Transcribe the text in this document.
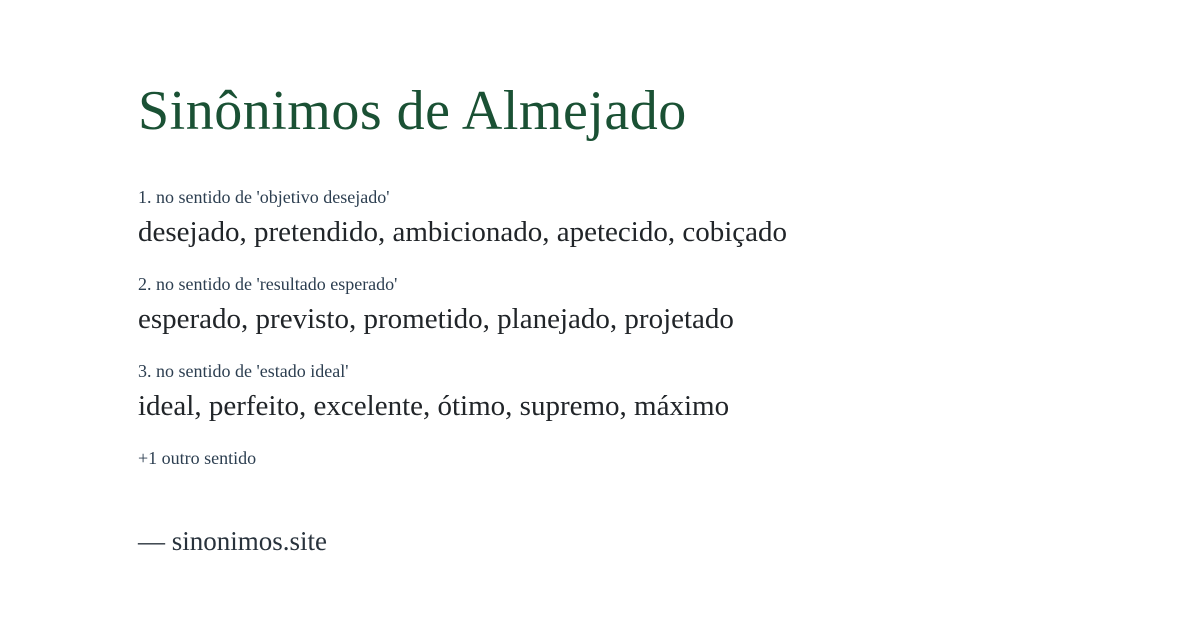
Sinônimos de Almejado
1. no sentido de 'objetivo desejado'
desejado, pretendido, ambicionado, apetecido, cobiçado
2. no sentido de 'resultado esperado'
esperado, previsto, prometido, planejado, projetado
3. no sentido de 'estado ideal'
ideal, perfeito, excelente, ótimo, supremo, máximo
+1 outro sentido
— sinonimos.site
